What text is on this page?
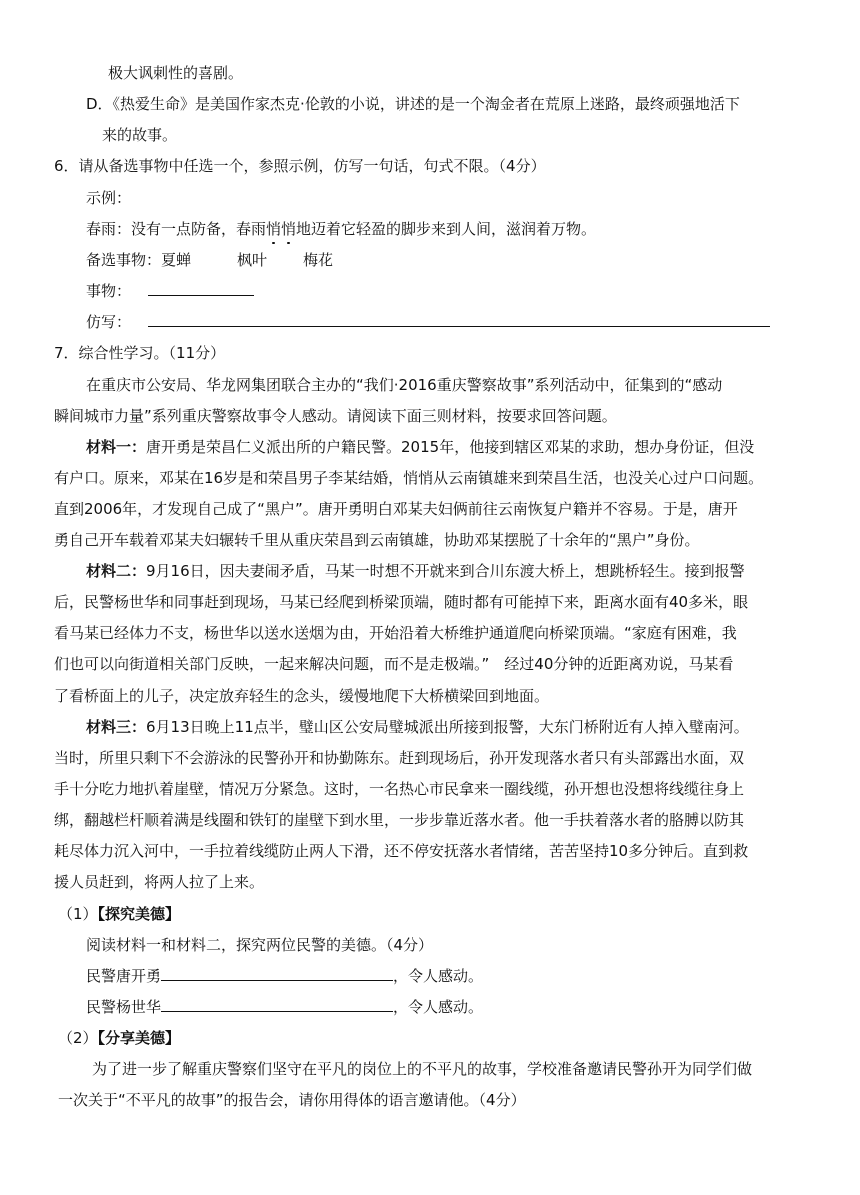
极大讽刺性的喜剧。
D．《热爱生命》是美国作家杰克·伦敦的小说，讲述的是一个淘金者在荒原上迷路，最终顽强地活下
来的故事。
6．请从备选事物中任选一个，参照示例，仿写一句话，句式不限。（4分）
示例：
春雨：没有一点防备，春雨悄悄地迈着它轻盈的脚步来到人间，滋润着万物。
备选事物：夏蝉	枫叶 梅花
事物：
仿写：
7．综合性学习。（11分）
在重庆市公安局、华龙网集团联合主办的“我们·2016重庆警察故事”系列活动中，征集到的“感动
瞬间城市力量”系列重庆警察故事令人感动。请阅读下面三则材料，按要求回答问题。
材料一：唐开勇是荣昌仁义派出所的户籍民警。2015年，他接到辖区邓某的求助，想办身份证，但没
有户口。原来，邓某在16岁是和荣昌男子李某结婚，悄悄从云南镇雄来到荣昌生活，也没关心过户口问题。
直到2006年，才发现自己成了“黑户”。唐开勇明白邓某夫妇俩前往云南恢复户籍并不容易。于是，唐开
勇自己开车载着邓某夫妇辗转千里从重庆荣昌到云南镇雄，协助邓某摆脱了十余年的“黑户”身份。
材料二：9月16日，因夫妻闹矛盾，马某一时想不开就来到合川东渡大桥上，想跳桥轻生。接到报警
后，民警杨世华和同事赶到现场，马某已经爬到桥梁顶端，随时都有可能掉下来，距离水面有40多米，眼
看马某已经体力不支，杨世华以送水送烟为由，开始沿着大桥维护通道爬向桥梁顶端。“家庭有困难，我
们也可以向街道相关部门反映，一起来解决问题，而不是走极端。”　经过40分钟的近距离劝说，马某看
了看桥面上的儿子，决定放弃轻生的念头，缓慢地爬下大桥横梁回到地面。
材料三：6月13日晚上11点半，璧山区公安局璧城派出所接到报警，大东门桥附近有人掉入璧南河。
当时，所里只剩下不会游泳的民警孙开和协勤陈东。赶到现场后，孙开发现落水者只有头部露出水面，双
手十分吃力地扒着崖壁，情况万分紧急。这时，一名热心市民拿来一圈线缆，孙开想也没想将线缆往身上
绑，翻越栏杆顺着满是线圈和铁钉的崖壁下到水里，一步步靠近落水者。他一手扶着落水者的胳膊以防其
耗尽体力沉入河中，一手拉着线缆防止两人下滑，还不停安抚落水者情绪，苦苦坚持10多分钟后。直到救
援人员赶到，将两人拉了上来。
（1）【探究美德】
阅读材料一和材料二，探究两位民警的美德。（4分）
民警唐开勇	，令人感动。
民警杨世华	，令人感动。
（2）【分享美德】
为了进一步了解重庆警察们坚守在平凡的岗位上的不平凡的故事，学校准备邀请民警孙开为同学们做
一次关于“不平凡的故事”的报告会，请你用得体的语言邀请他。（4分）
